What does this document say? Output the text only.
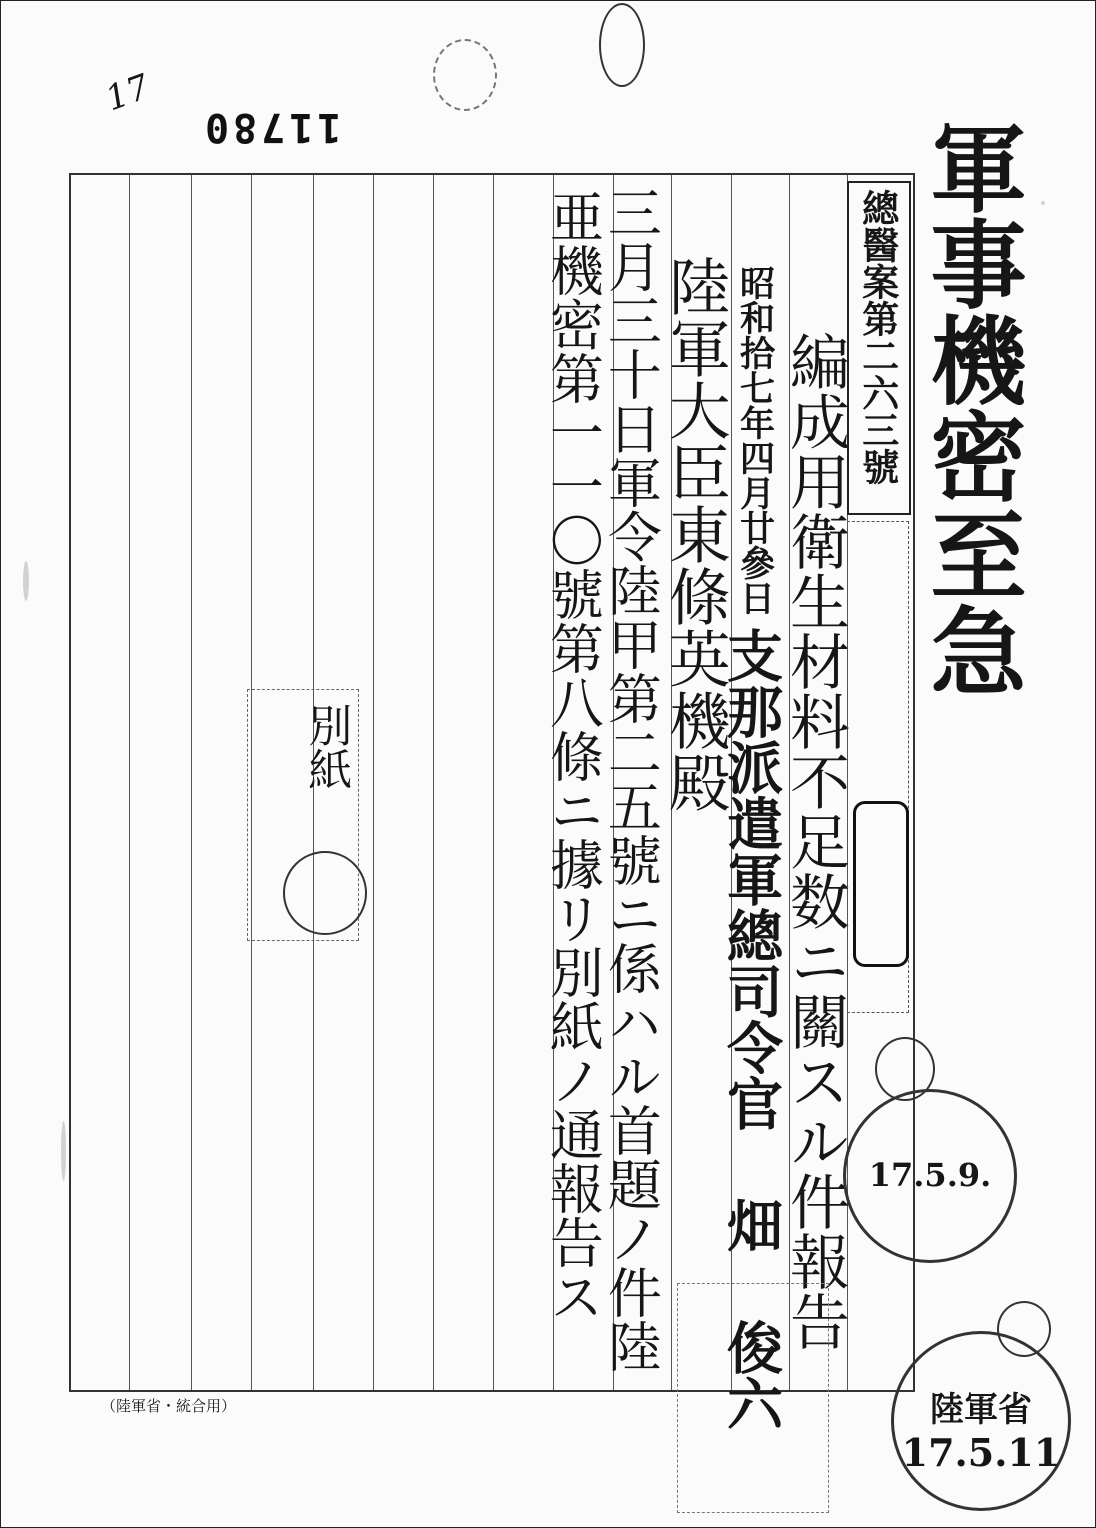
11780
17
軍事機密
至急
總醫案第二六三號
編成用衛生材料不足数ニ關スル件報告
昭和拾七年四月廿參日
支那派遣軍總司令官 畑 俊六
陸軍大臣東條英機殿
三月三十日軍令陸甲第二五號ニ係ハル首題ノ件陸
亜機密第一一〇號第八條ニ據リ別紙ノ通報告ス
別紙
17.5.9.
陸軍省
17.5.11
（陸軍省・統合用）
